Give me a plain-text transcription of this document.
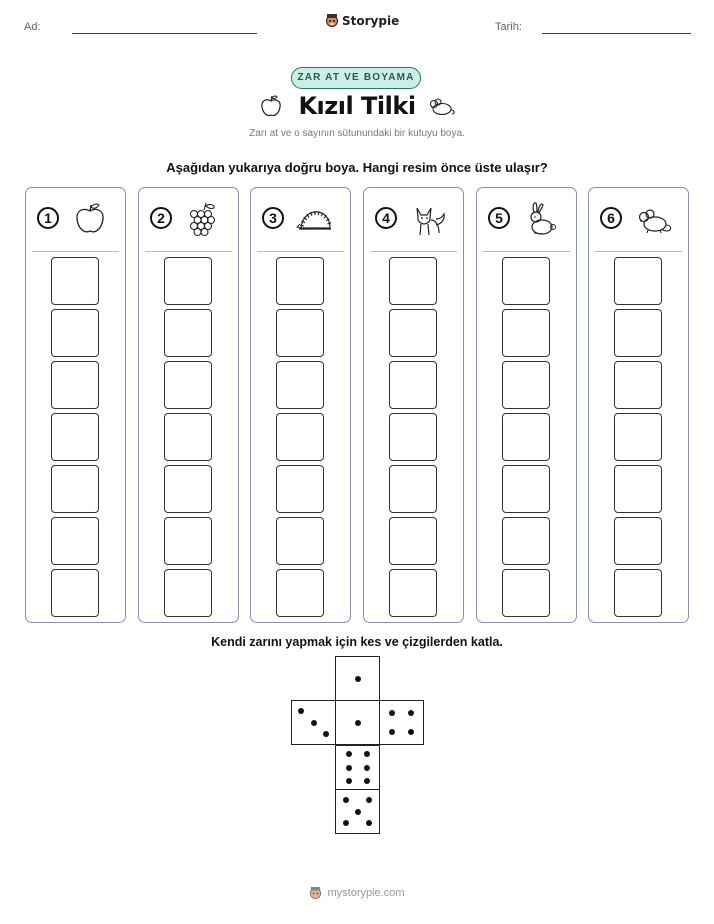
Ad:	Storypie	Tarih:
ZAR AT VE BOYAMA
Kızıl Tilki
Zarı at ve o sayının sütunundaki bir kutuyu boya.
Aşağıdan yukarıya doğru boya. Hangi resim önce üste ulaşır?
1	2	3	4	5	6
Kendi zarını yapmak için kes ve çizgilerden katla.
mystorypie.com
